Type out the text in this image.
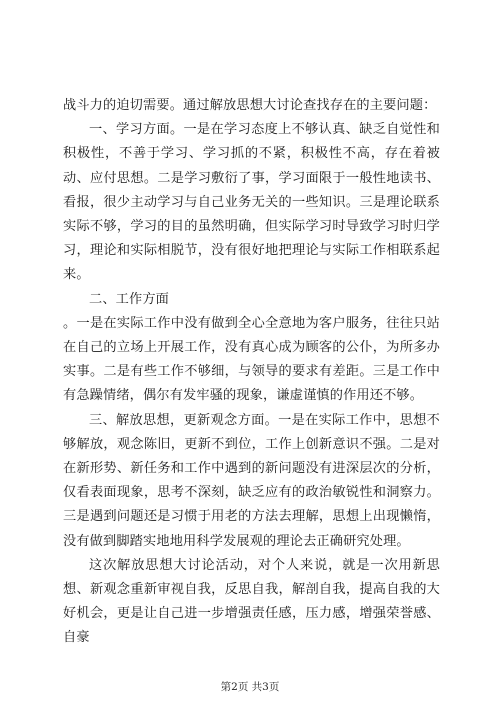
战斗力的迫切需要。通过解放思想大讨论查找存在的主要问题：

一、学习方面。一是在学习态度上不够认真、缺乏自觉性和积极性，不善于学习、学习抓的不紧，积极性不高，存在着被动、应付思想。二是学习敷衍了事，学习面限于一般性地读书、看报，很少主动学习与自己业务无关的一些知识。三是理论联系实际不够，学习的目的虽然明确，但实际学习时导致学习时归学习，理论和实际相脱节，没有很好地把理论与实际工作相联系起来。

二、工作方面

。一是在实际工作中没有做到全心全意地为客户服务，往往只站在自己的立场上开展工作，没有真心成为顾客的公仆，为所多办实事。二是有些工作不够细，与领导的要求有差距。三是工作中有急躁情绪，偶尔有发牢骚的现象，谦虚谨慎的作用还不够。

三、解放思想，更新观念方面。一是在实际工作中，思想不够解放，观念陈旧，更新不到位，工作上创新意识不强。二是对在新形势、新任务和工作中遇到的新问题没有进深层次的分析，仅看表面现象，思考不深刻，缺乏应有的政治敏锐性和洞察力。三是遇到问题还是习惯于用老的方法去理解，思想上出现懒惰，没有做到脚踏实地地用科学发展观的理论去正确研究处理。

这次解放思想大讨论活动，对个人来说，就是一次用新思想、新观念重新审视自我，反思自我，解剖自我，提高自我的大好机会，更是让自己进一步增强责任感，压力感，增强荣誉感、自豪

第2页 共3页
